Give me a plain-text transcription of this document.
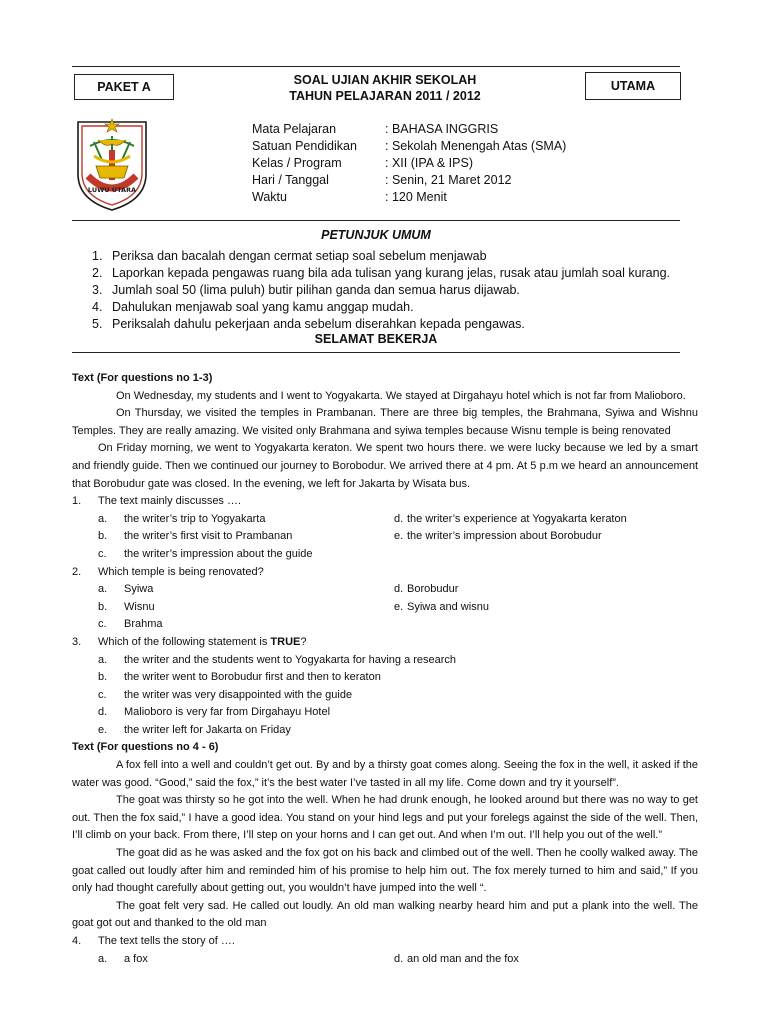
PAKET A	UTAMA
SOAL UJIAN AKHIR SEKOLAH
TAHUN PELAJARAN 2011 / 2012
LUWU UTARA
Mata Pelajaran	: BAHASA INGGRIS
Satuan Pendidikan	: Sekolah Menengah Atas (SMA)
Kelas / Program	: XII (IPA & IPS)
Hari / Tanggal	: Senin, 21 Maret 2012
Waktu	: 120 Menit
PETUNJUK UMUM
1. Periksa dan bacalah dengan cermat setiap soal sebelum menjawab
2. Laporkan kepada pengawas ruang bila ada tulisan yang kurang jelas, rusak atau jumlah soal kurang.
3. Jumlah soal 50 (lima puluh) butir pilihan ganda dan semua harus dijawab.
4. Dahulukan menjawab soal yang kamu anggap mudah.
5. Periksalah dahulu pekerjaan anda sebelum diserahkan kepada pengawas.
SELAMAT BEKERJA

Text (For questions no 1-3)

On Wednesday, my students and I went to Yogyakarta. We stayed at Dirgahayu hotel which is not far from Malioboro.

On Thursday, we visited the temples in Prambanan. There are three big temples, the Brahmana, Syiwa and Wishnu Temples. They are really amazing. We visited only Brahmana and syiwa temples because Wisnu temple is being renovated

On Friday morning, we went to Yogyakarta keraton. We spent two hours there. we were lucky because we led by a smart and friendly guide. Then we continued our journey to Borobodur. We arrived there at 4 pm. At 5 p.m we heard an announcement that Borobudur gate was closed. In the evening, we left for Jakarta by Wisata bus.

1.	The text mainly discusses ….
a.	the writer’s trip to Yogyakarta
b.	the writer’s first visit to Prambanan
c.	the writer’s impression about the guide
d. the writer’s experience at Yogyakarta keraton
e. the writer’s impression about Borobudur
2.	Which temple is being renovated?
a.	Syiwa
b.	Wisnu
c.	Brahma
d. Borobudur
e. Syiwa and wisnu
3.	Which of the following statement is TRUE?
a.	the writer and the students went to Yogyakarta for having a research
b.	the writer went to Borobudur first and then to keraton
c.	the writer was very disappointed with the guide
d.	Malioboro is very far from Dirgahayu Hotel
e.	the writer left for Jakarta on Friday

Text (For questions no 4 - 6)

A fox fell into a well and couldn’t get out. By and by a thirsty goat comes along. Seeing the fox in the well, it asked if the water was good. “Good,” said the fox,” it’s the best water I’ve tasted in all my life. Come down and try it yourself”.

The goat was thirsty so he got into the well. When he had drunk enough, he looked around but there was no way to get out. Then the fox said,” I have a good idea. You stand on your hind legs and put your forelegs against the side of the well. Then, I’ll climb on your back. From there, I’ll step on your horns and I can get out. And when I’m out. I’ll help you out of the well.”

The goat did as he was asked and the fox got on his back and climbed out of the well. Then he coolly walked away. The goat called out loudly after him and reminded him of his promise to help him out. The fox merely turned to him and said,” If you only had thought carefully about getting out, you wouldn’t have jumped into the well “.

The goat felt very sad. He called out loudly. An old man walking nearby heard him and put a plank into the well. The goat got out and thanked to the old man

4.	The text tells the story of ….
a.	a fox	d. an old man and the fox
